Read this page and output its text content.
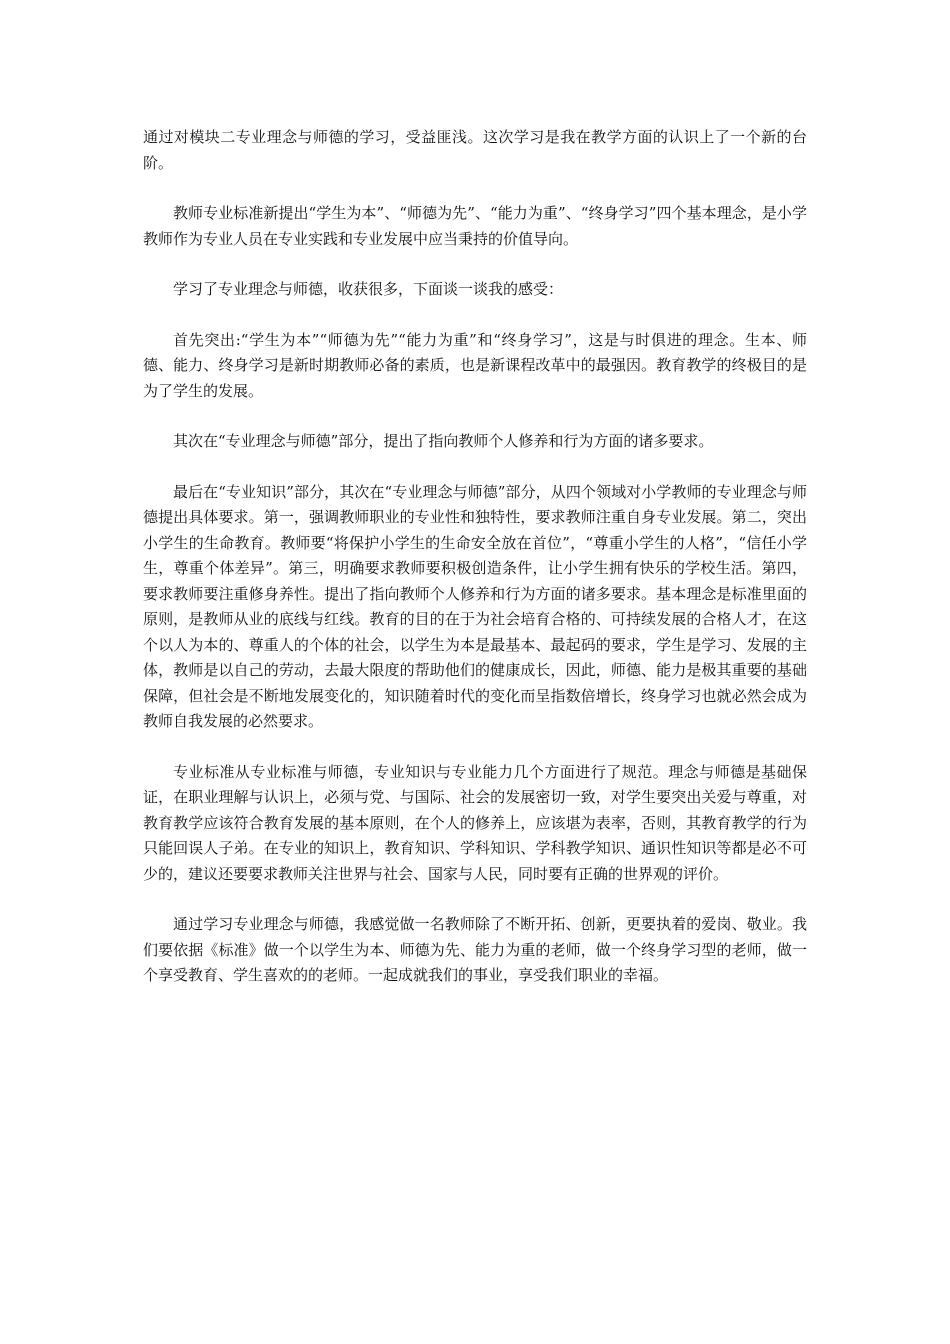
通过对模块二专业理念与师德的学习，受益匪浅。这次学习是我在教学方面的认识上了一个新的台阶。

教师专业标准新提出“学生为本”、“师德为先”、“能力为重”、“终身学习”四个基本理念，是小学教师作为专业人员在专业实践和专业发展中应当秉持的价值导向。

学习了专业理念与师德，收获很多，下面谈一谈我的感受：

首先突出:“学生为本”“师德为先”“能力为重”和“终身学习”，这是与时俱进的理念。生本、师德、能力、终身学习是新时期教师必备的素质，也是新课程改革中的最强因。教育教学的终极目的是为了学生的发展。

其次在“专业理念与师德”部分，提出了指向教师个人修养和行为方面的诸多要求。

最后在“专业知识”部分，其次在“专业理念与师德”部分，从四个领域对小学教师的专业理念与师德提出具体要求。第一，强调教师职业的专业性和独特性，要求教师注重自身专业发展。第二，突出小学生的生命教育。教师要“将保护小学生的生命安全放在首位”，“尊重小学生的人格”，“信任小学生，尊重个体差异”。第三，明确要求教师要积极创造条件，让小学生拥有快乐的学校生活。第四，要求教师要注重修身养性。提出了指向教师个人修养和行为方面的诸多要求。基本理念是标准里面的原则，是教师从业的底线与红线。教育的目的在于为社会培育合格的、可持续发展的合格人才，在这个以人为本的、尊重人的个体的社会，以学生为本是最基本、最起码的要求，学生是学习、发展的主体，教师是以自己的劳动，去最大限度的帮助他们的健康成长，因此，师德、能力是极其重要的基础保障，但社会是不断地发展变化的，知识随着时代的变化而呈指数倍增长，终身学习也就必然会成为教师自我发展的必然要求。

专业标准从专业标准与师德，专业知识与专业能力几个方面进行了规范。理念与师德是基础保证，在职业理解与认识上，必须与党、与国际、社会的发展密切一致，对学生要突出关爱与尊重，对教育教学应该符合教育发展的基本原则，在个人的修养上，应该堪为表率，否则，其教育教学的行为只能回误人子弟。在专业的知识上，教育知识、学科知识、学科教学知识、通识性知识等都是必不可少的，建议还要要求教师关注世界与社会、国家与人民，同时要有正确的世界观的评价。

通过学习专业理念与师德，我感觉做一名教师除了不断开拓、创新，更要执着的爱岗、敬业。我们要依据《标准》做一个以学生为本、师德为先、能力为重的老师，做一个终身学习型的老师，做一个享受教育、学生喜欢的的老师。一起成就我们的事业，享受我们职业的幸福。
